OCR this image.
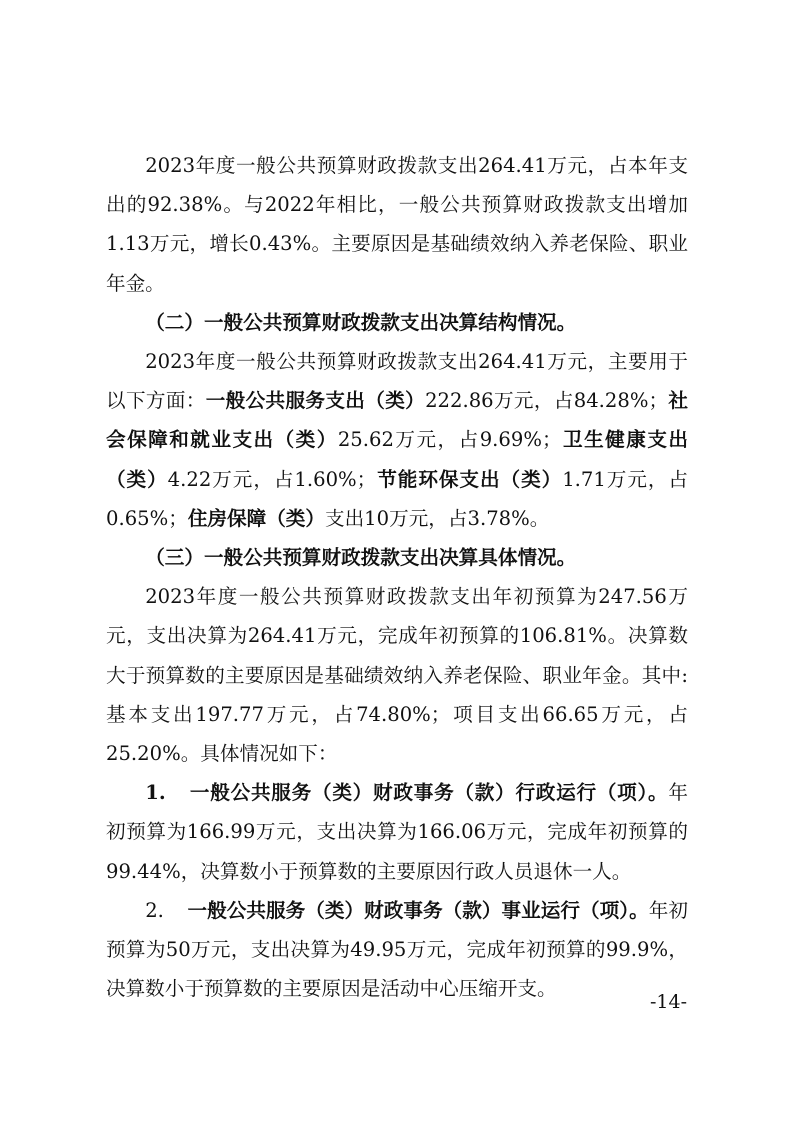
2023年度一般公共预算财政拨款支出264.41万元，占本年支出的92.38%。与2022年相比，一般公共预算财政拨款支出增加1.13万元，增长0.43%。主要原因是基础绩效纳入养老保险、职业年金。

（二）一般公共预算财政拨款支出决算结构情况。

2023年度一般公共预算财政拨款支出264.41万元，主要用于以下方面：一般公共服务支出（类）222.86万元，占84.28%；社会保障和就业支出（类）25.62万元，占9.69%；卫生健康支出（类）4.22万元，占1.60%；节能环保支出（类）1.71万元，占0.65%；住房保障（类）支出10万元，占3.78%。

（三）一般公共预算财政拨款支出决算具体情况。

2023年度一般公共预算财政拨款支出年初预算为247.56万元，支出决算为264.41万元，完成年初预算的106.81%。决算数大于预算数的主要原因是基础绩效纳入养老保险、职业年金。其中:基本支出197.77万元，占74.80%；项目支出66.65万元，占25.20%。具体情况如下：

1. 一般公共服务（类）财政事务（款）行政运行（项）。年初预算为166.99万元，支出决算为166.06万元，完成年初预算的99.44%，决算数小于预算数的主要原因行政人员退休一人。

2. 一般公共服务（类）财政事务（款）事业运行（项）。年初预算为50万元，支出决算为49.95万元，完成年初预算的99.9%，决算数小于预算数的主要原因是活动中心压缩开支。

-14-
